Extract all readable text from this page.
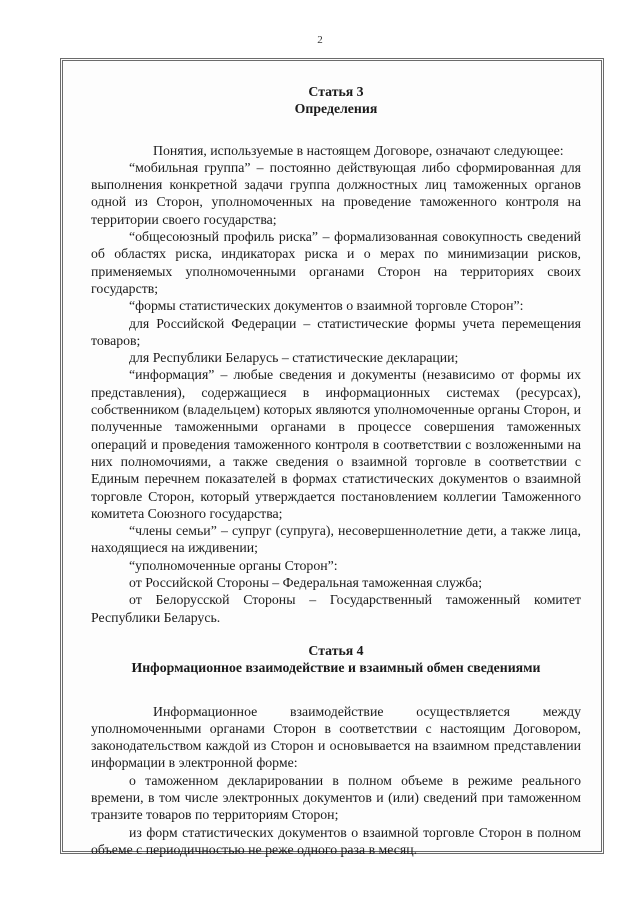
2
Статья 3
Определения

Понятия, используемые в настоящем Договоре, означают следующее:

“мобильная группа” – постоянно действующая либо сформированная для выполнения конкретной задачи группа должностных лиц таможенных органов одной из Сторон, уполномоченных на проведение таможенного контроля на территории своего государства;

“общесоюзный профиль риска” – формализованная совокупность сведений об областях риска, индикаторах риска и о мерах по минимизации рисков, применяемых уполномоченными органами Сторон на территориях своих государств;

“формы статистических документов о взаимной торговле Сторон”:

для Российской Федерации – статистические формы учета перемещения товаров;

для Республики Беларусь – статистические декларации;

“информация” – любые сведения и документы (независимо от формы их представления), содержащиеся в информационных системах (ресурсах), собственником (владельцем) которых являются уполномоченные органы Сторон, и полученные таможенными органами в процессе совершения таможенных операций и проведения таможенного контроля в соответствии с возложенными на них полномочиями, а также сведения о взаимной торговле в соответствии с Единым перечнем показателей в формах статистических документов о взаимной торговле Сторон, который утверждается постановлением коллегии Таможенного комитета Союзного государства;

“члены семьи” – супруг (супруга), несовершеннолетние дети, а также лица, находящиеся на иждивении;

“уполномоченные органы Сторон”:

от Российской Стороны – Федеральная таможенная служба;

от Белорусской Стороны – Государственный таможенный комитет Республики Беларусь.

Статья 4
Информационное взаимодействие и взаимный обмен сведениями

Информационное взаимодействие осуществляется между уполномоченными органами Сторон в соответствии с настоящим Договором, законодательством каждой из Сторон и основывается на взаимном представлении информации в электронной форме:

о таможенном декларировании в полном объеме в режиме реального времени, в том числе электронных документов и (или) сведений при таможенном транзите товаров по территориям Сторон;

из форм статистических документов о взаимной торговле Сторон в полном объеме с периодичностью не реже одного раза в месяц.
